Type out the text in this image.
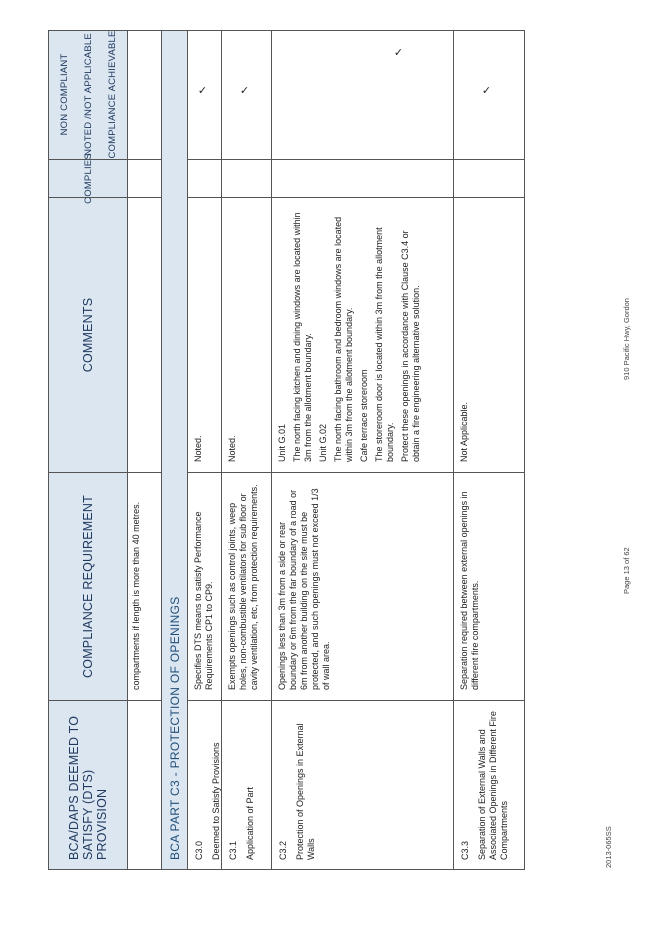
BCA/DAPS DEEMED TO SATISFY (DTS) PROVISION
COMPLIANCE REQUIREMENT
COMMENTS
COMPLIES
NON COMPLIANT NOTED /NOT APPLICABLE COMPLIANCE ACHIEVABLE
compartments if length is more than 40 metres.
BCA PART C3 - PROTECTION OF OPENINGS C3.0 Deemed to Satisfy Provisions
Specifies DTS means to satisfy Performance Requirements CP1 to CP9.
Noted.
✓
C3.1 Application of Part
Exempts openings such as control joints, weep holes, non-combustible ventilators for sub floor or cavity ventilation, etc, from protection requirements.
Noted.
✓
C3.2 Protection of Openings in External Walls
Openings less than 3m from a side or rear boundary or 6m from the far boundary of a road or 6m from another building on the site must be protected, and such openings must not exceed 1/3 of wall area.
Unit G.01 The north facing kitchen and dining windows are located within 3m from the allotment boundary. Unit G.02 The north facing bathroom and bedroom windows are located within 3m from the allotment boundary. Cafe terrace storeroom The storeroom door is located within 3m from the allotment boundary. Protect these openings in accordance with Clause C3.4 or obtain a fire engineering alternative solution.
✓
C3.3 Separation of External Walls and Associated Openings in Different Fire Compartments
Separation required between external openings in different fire compartments.
Not Applicable.
✓
2013-065SS
Page 13 of 62
910 Pacific Hwy, Gordon
